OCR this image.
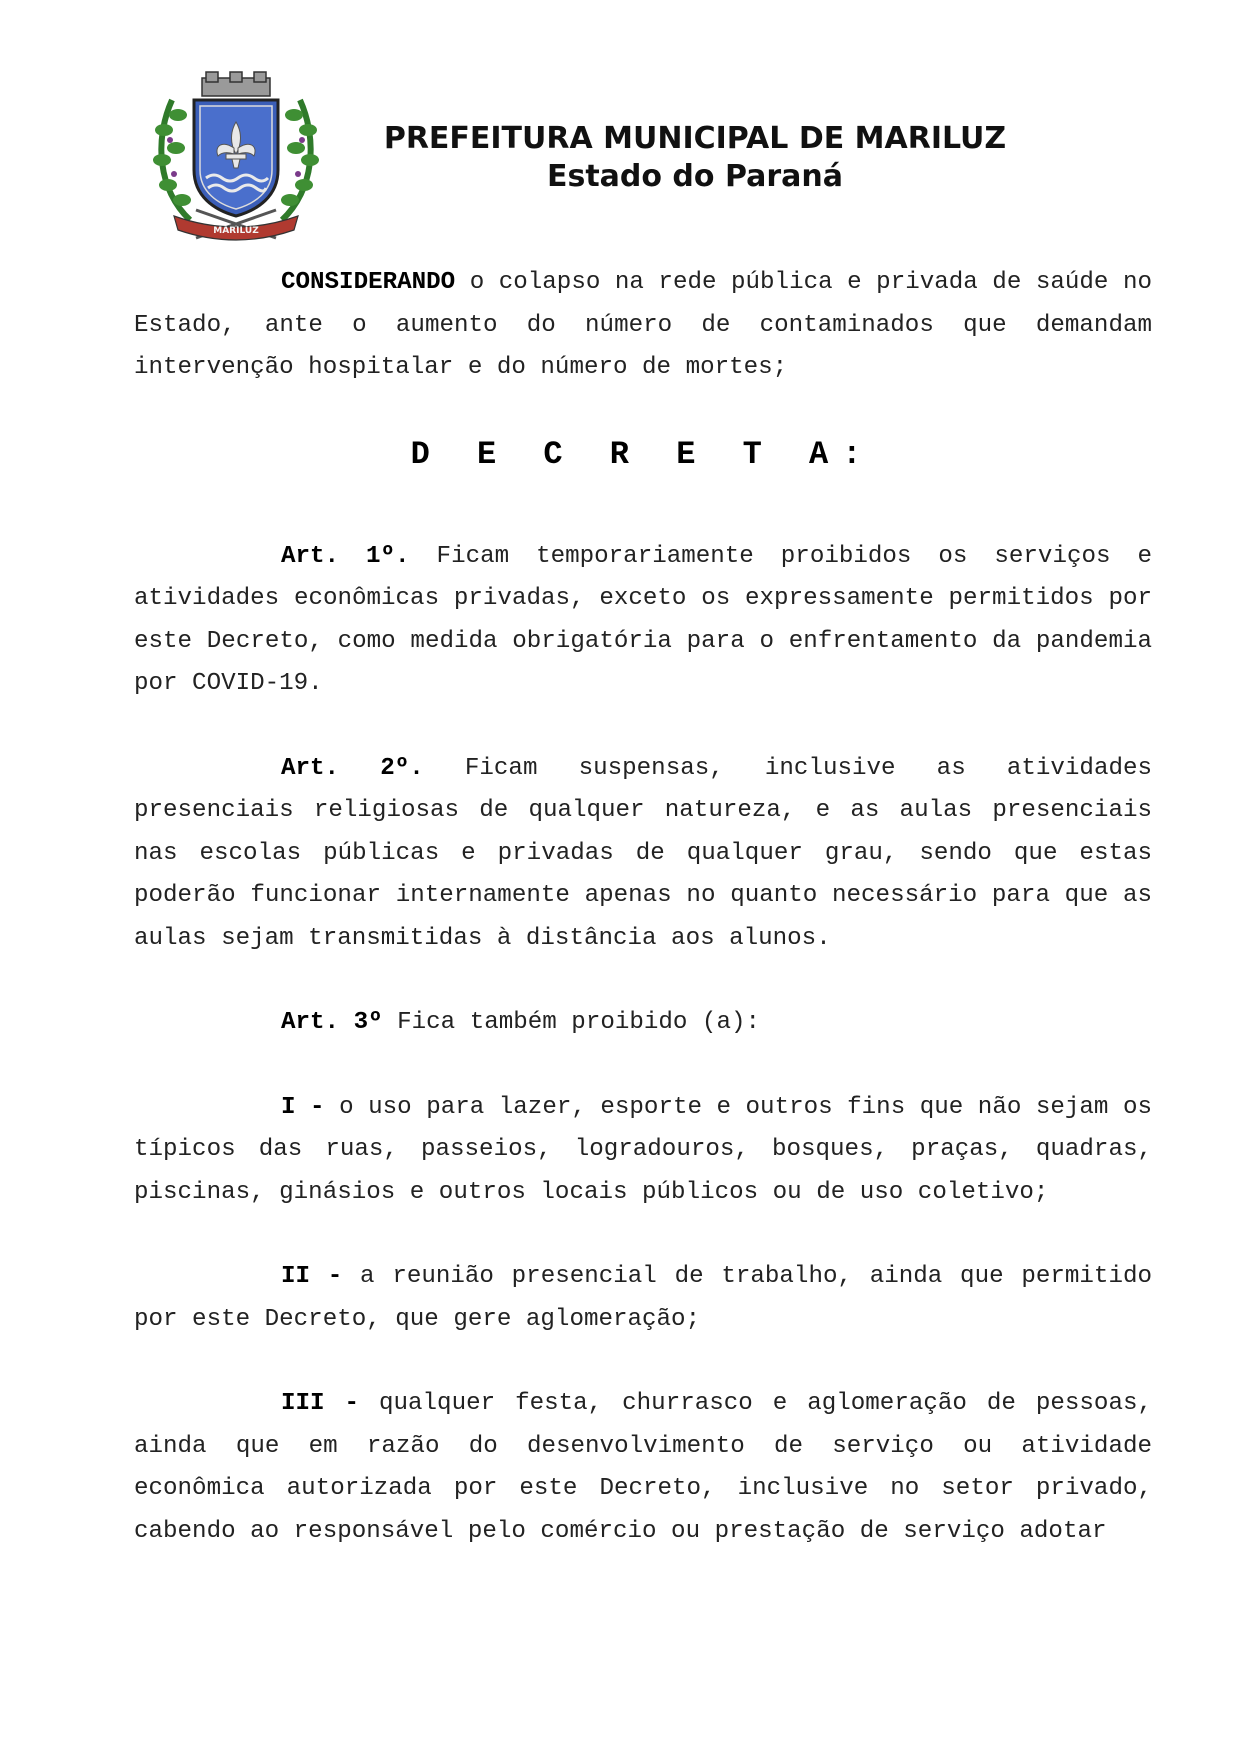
MARILUZ
PREFEITURA MUNICIPAL DE MARILUZ
Estado do Paraná

CONSIDERANDO o colapso na rede pública e privada de saúde no Estado, ante o aumento do número de contaminados que demandam intervenção hospitalar e do número de mortes;

D E C R E T A:

Art. 1º. Ficam temporariamente proibidos os serviços e atividades econômicas privadas, exceto os expressamente permitidos por este Decreto, como medida obrigatória para o enfrentamento da pandemia por COVID-19.

Art. 2º. Ficam suspensas, inclusive as atividades presenciais religiosas de qualquer natureza, e as aulas presenciais nas escolas públicas e privadas de qualquer grau, sendo que estas poderão funcionar internamente apenas no quanto necessário para que as aulas sejam transmitidas à distância aos alunos.

Art. 3º Fica também proibido (a):

I - o uso para lazer, esporte e outros fins que não sejam os típicos das ruas, passeios, logradouros, bosques, praças, quadras, piscinas, ginásios e outros locais públicos ou de uso coletivo;

II - a reunião presencial de trabalho, ainda que permitido por este Decreto, que gere aglomeração;

III - qualquer festa, churrasco e aglomeração de pessoas, ainda que em razão do desenvolvimento de serviço ou atividade econômica autorizada por este Decreto, inclusive no setor privado, cabendo ao responsável pelo comércio ou prestação de serviço adotar
